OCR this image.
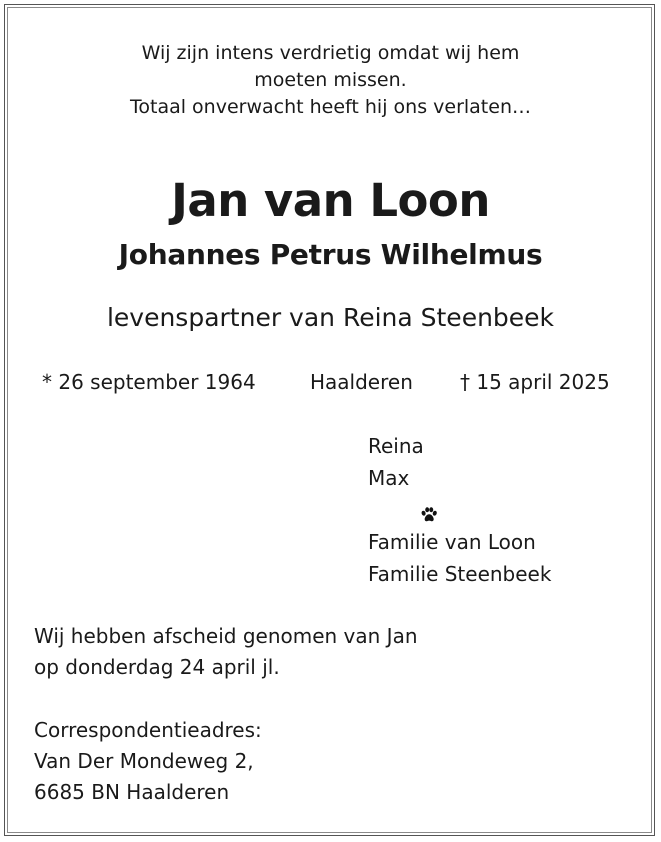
Wij zijn intens verdrietig omdat wij hem
moeten missen.
Totaal onverwacht heeft hij ons verlaten…
Jan van Loon
Johannes Petrus Wilhelmus
levenspartner van Reina Steenbeek
* 26 september 1964	Haalderen † 15 april 2025
Reina
Max
Familie van Loon
Familie Steenbeek
Wij hebben afscheid genomen van Jan
op donderdag 24 april jl.
Correspondentieadres:
Van Der Mondeweg 2,
6685 BN Haalderen
